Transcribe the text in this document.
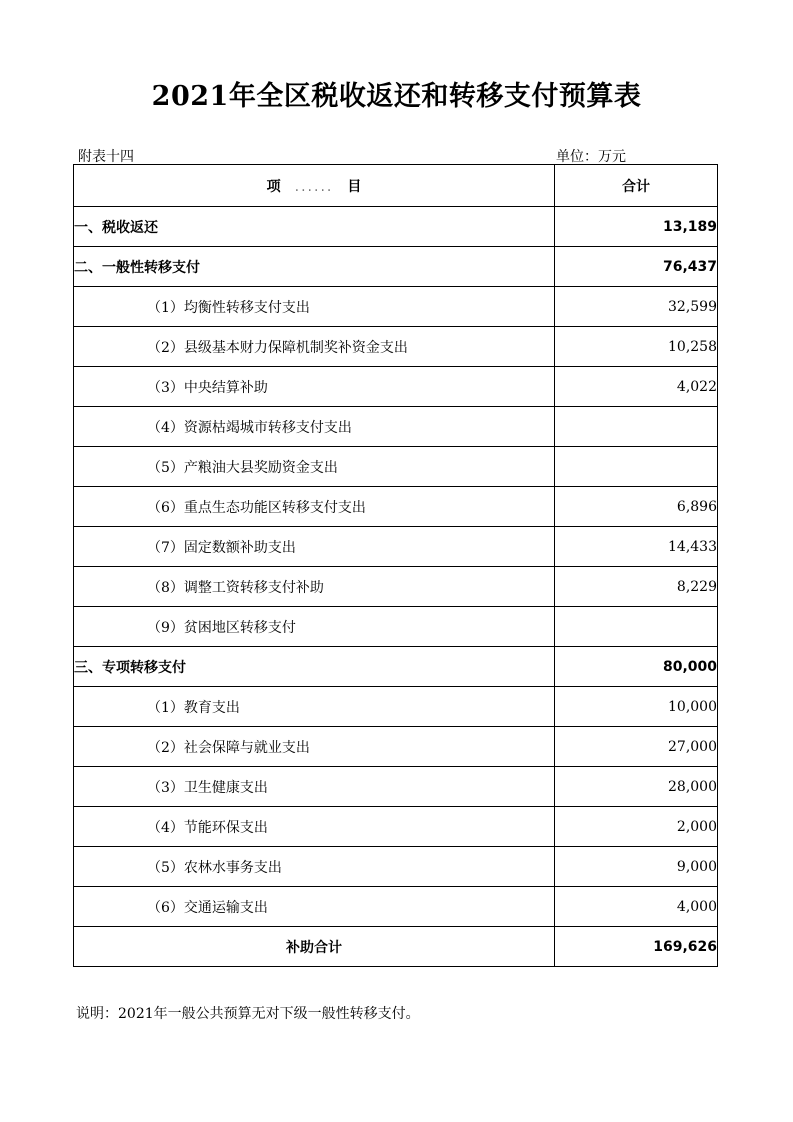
2021年全区税收返还和转移支付预算表
附表十四	单位：万元
项 ...... 目	合计
一、税收返还	13,189
二、一般性转移支付	76,437
（1）均衡性转移支付支出	32,599
（2）县级基本财力保障机制奖补资金支出	10,258
（3）中央结算补助	4,022
（4）资源枯竭城市转移支付支出	
（5）产粮油大县奖励资金支出	
（6）重点生态功能区转移支付支出	6,896
（7）固定数额补助支出	14,433
（8）调整工资转移支付补助	8,229
（9）贫困地区转移支付	
三、专项转移支付	80,000
（1）教育支出	10,000
（2）社会保障与就业支出	27,000
（3）卫生健康支出	28,000
（4）节能环保支出	2,000
（5）农林水事务支出	9,000
（6）交通运输支出	4,000
补助合计	169,626
说明：2021年一般公共预算无对下级一般性转移支付。
